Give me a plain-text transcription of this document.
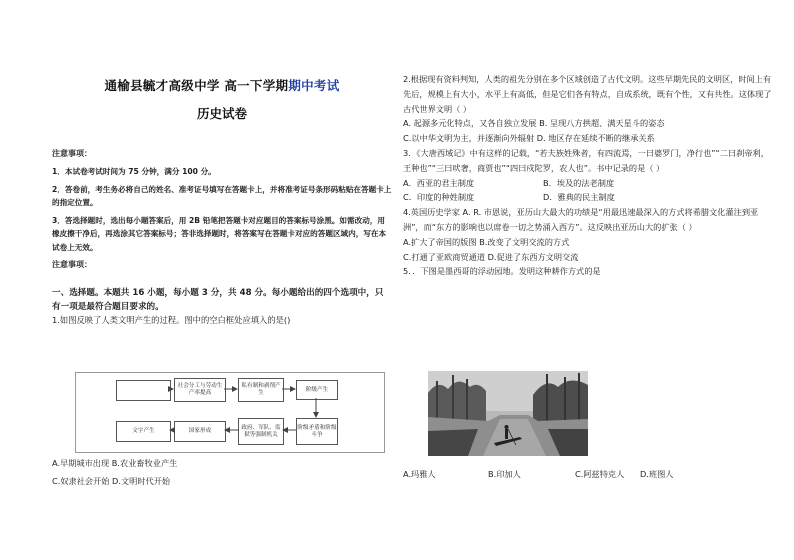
通榆县毓才高级中学 高一下学期期中考试
历史试卷
注意事项：

1．本试卷考试时间为 75 分钟，满分 100 分。

2．答卷前，考生务必将自己的姓名、准考证号填写在答题卡上，并将准考证号条形码粘贴在答题卡上的指定位置。

3．答选择题时，选出每小题答案后，用 2B 铅笔把答题卡对应题目的答案标号涂黑。如需改动，用橡皮擦干净后，再选涂其它答案标号；答非选择题时，将答案写在答题卡对应的答题区域内，写在本试卷上无效。

注意事项：
一、选择题。本题共 16 小题，每小题 3 分，共 48 分。每小题给出的四个选项中，只有一项是最符合题目要求的。

1.如图反映了人类文明产生的过程。图中的空白框处应填入的是()

社会分工与劳动生产率提高
私有制和剥削产生
阶级产生
文字产生	国家形成
政府、军队、监狱等强制机关
阶级矛盾和阶级斗争
A.早期城市出现 B.农业畜牧业产生
C.奴隶社会开始 D.文明时代开始

2.根据现有资料判知，人类的祖先分别在多个区域创造了古代文明。这些早期先民的文明区，时间上有先后，规模上有大小，水平上有高低，但是它们各有特点，自成系统，既有个性，又有共性。这体现了古代世界文明（ ）

A. 起源多元化特点，又各自独立发展 B. 呈现八方拱超、满天星斗的姿态

C.以中华文明为主，并逐渐向外辐射 D. 地区存在延续不断的继承关系

3．《大唐西域记》中有这样的记载，“若夫族姓殊者，有四流焉，一曰婆罗门，净行也”“二曰刹帝利，王种也”“三曰吠奢，商贾也”“四曰戍陀罗，农人也”。书中记录的是（ ）

A．西亚的君主制度	B．埃及的法老制度
C．印度的种姓制度	D．雅典的民主制度

4.英国历史学家 A. R. 市恩说，亚历山大最大的功绩是“用最迅速最深入的方式将希腊文化灌注到亚洲”，而“东方的影响也以席卷一切之势涌入西方”。这反映出亚历山大的扩张（ ）

A.扩大了帝国的版图 B.改变了文明交流的方式

C.打通了亚欧商贸通道 D.促进了东西方文明交流

5．．下图是墨西哥的浮动园地。发明这种耕作方式的是

A.玛雅人	B.印加人	C.阿兹特克人 D.班图人
